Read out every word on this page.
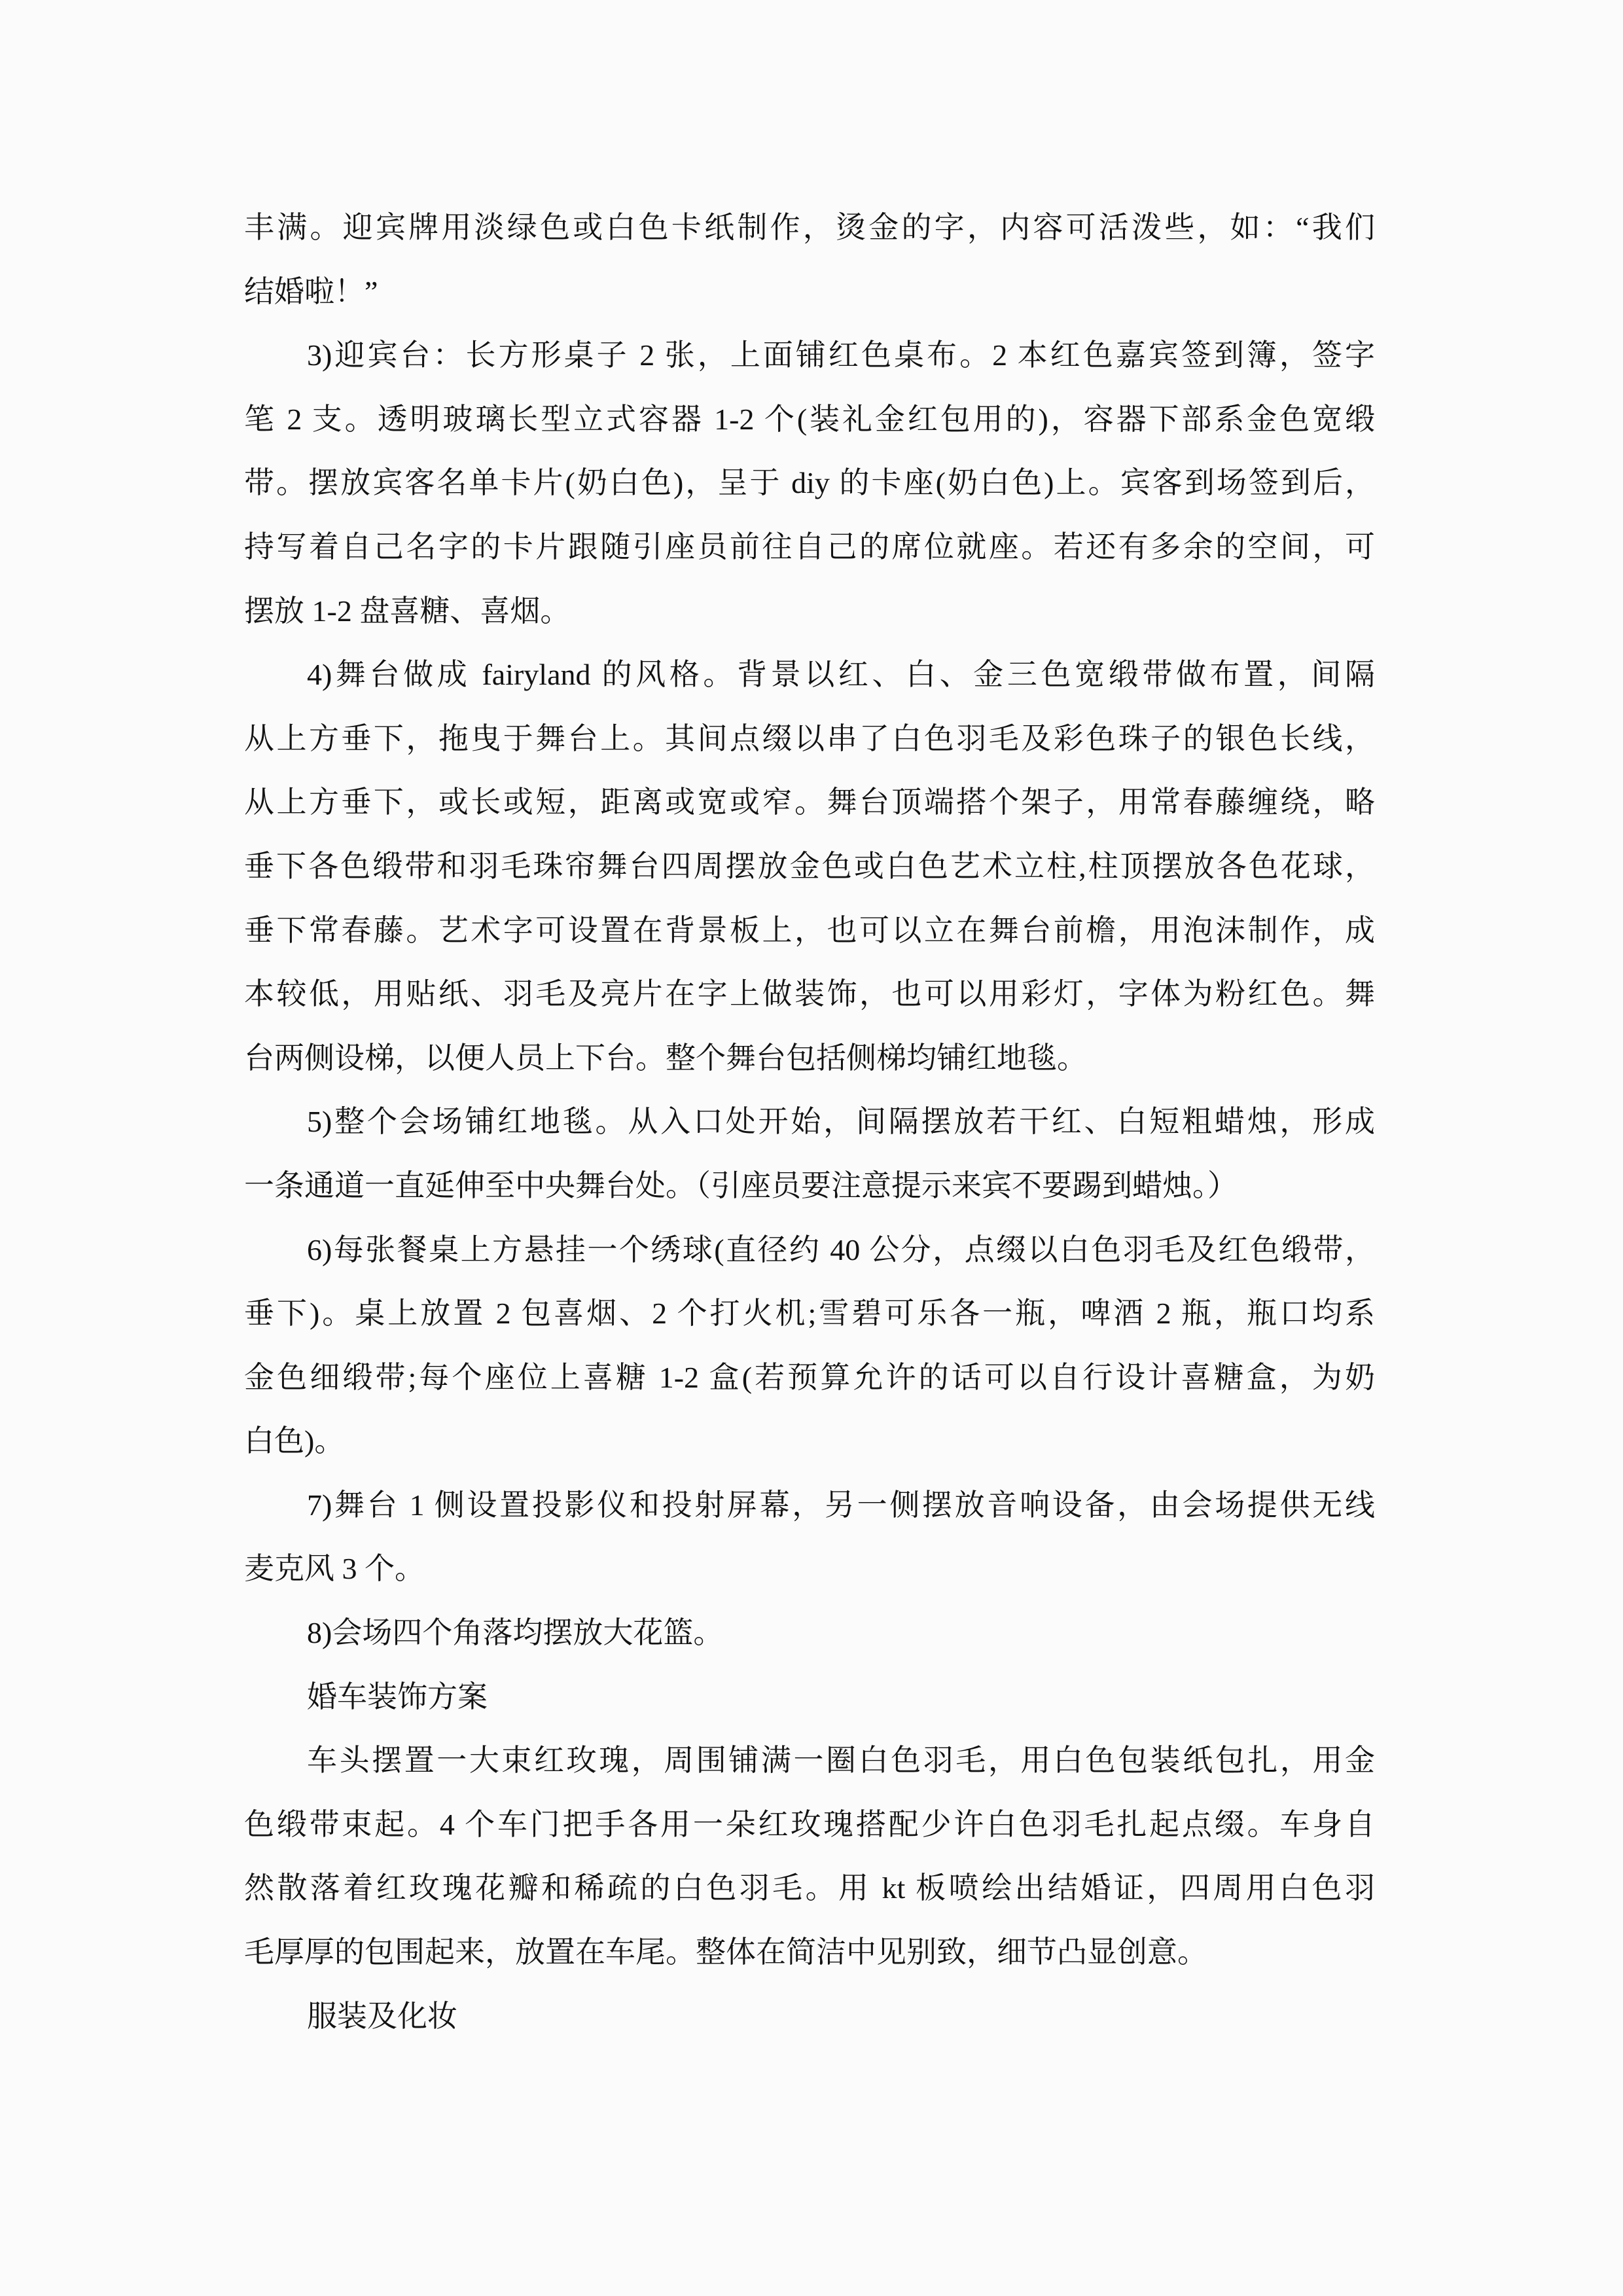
丰满。迎宾牌用淡绿色或白色卡纸制作，烫金的字，内容可活泼些，如：“我们
结婚啦！”
3)迎宾台：长方形桌子 2 张，上面铺红色桌布。2 本红色嘉宾签到簿，签字
笔 2 支。透明玻璃长型立式容器 1-2 个(装礼金红包用的)，容器下部系金色宽缎
带。摆放宾客名单卡片(奶白色)，呈于 diy 的卡座(奶白色)上。宾客到场签到后，
持写着自己名字的卡片跟随引座员前往自己的席位就座。若还有多余的空间，可
摆放 1-2 盘喜糖、喜烟。
4)舞台做成 fairyland 的风格。背景以红、白、金三色宽缎带做布置，间隔
从上方垂下，拖曳于舞台上。其间点缀以串了白色羽毛及彩色珠子的银色长线，
从上方垂下，或长或短，距离或宽或窄。舞台顶端搭个架子，用常春藤缠绕，略
垂下各色缎带和羽毛珠帘舞台四周摆放金色或白色艺术立柱,柱顶摆放各色花球，
垂下常春藤。艺术字可设置在背景板上，也可以立在舞台前檐，用泡沫制作，成
本较低，用贴纸、羽毛及亮片在字上做装饰，也可以用彩灯，字体为粉红色。舞
台两侧设梯，以便人员上下台。整个舞台包括侧梯均铺红地毯。
5)整个会场铺红地毯。从入口处开始，间隔摆放若干红、白短粗蜡烛，形成
一条通道一直延伸至中央舞台处。（引座员要注意提示来宾不要踢到蜡烛。）
6)每张餐桌上方悬挂一个绣球(直径约 40 公分，点缀以白色羽毛及红色缎带，
垂下)。桌上放置 2 包喜烟、2 个打火机;雪碧可乐各一瓶，啤酒 2 瓶，瓶口均系
金色细缎带;每个座位上喜糖 1-2 盒(若预算允许的话可以自行设计喜糖盒，为奶
白色)。
7)舞台 1 侧设置投影仪和投射屏幕，另一侧摆放音响设备，由会场提供无线
麦克风 3 个。
8)会场四个角落均摆放大花篮。
婚车装饰方案
车头摆置一大束红玫瑰，周围铺满一圈白色羽毛，用白色包装纸包扎，用金
色缎带束起。4 个车门把手各用一朵红玫瑰搭配少许白色羽毛扎起点缀。车身自
然散落着红玫瑰花瓣和稀疏的白色羽毛。用 kt 板喷绘出结婚证，四周用白色羽
毛厚厚的包围起来，放置在车尾。整体在简洁中见别致，细节凸显创意。
服装及化妆
